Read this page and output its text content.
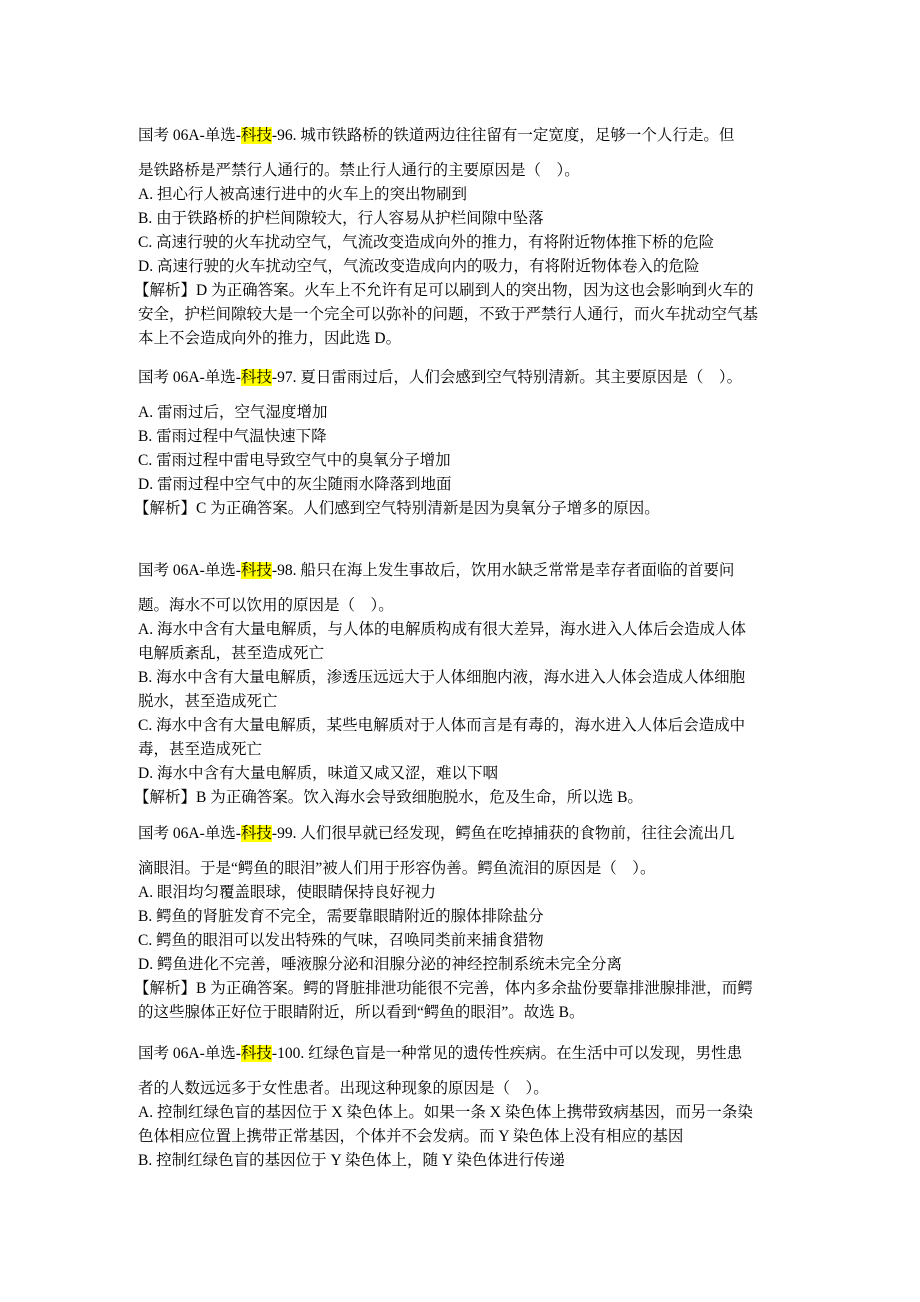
国考 06A-单选-科技-96. 城市铁路桥的铁道两边往往留有一定宽度，足够一个人行走。但
是铁路桥是严禁行人通行的。禁止行人通行的主要原因是（　）。
A. 担心行人被高速行进中的火车上的突出物刷到
B. 由于铁路桥的护栏间隙较大，行人容易从护栏间隙中坠落
C. 高速行驶的火车扰动空气，气流改变造成向外的推力，有将附近物体推下桥的危险
D. 高速行驶的火车扰动空气，气流改变造成向内的吸力，有将附近物体卷入的危险
【解析】D 为正确答案。火车上不允许有足可以刷到人的突出物，因为这也会影响到火车的
安全，护栏间隙较大是一个完全可以弥补的问题，不致于严禁行人通行，而火车扰动空气基
本上不会造成向外的推力，因此选 D。
国考 06A-单选-科技-97. 夏日雷雨过后，人们会感到空气特别清新。其主要原因是（　）。
A. 雷雨过后，空气湿度增加
B. 雷雨过程中气温快速下降
C. 雷雨过程中雷电导致空气中的臭氧分子增加
D. 雷雨过程中空气中的灰尘随雨水降落到地面
【解析】C 为正确答案。人们感到空气特别清新是因为臭氧分子增多的原因。
国考 06A-单选-科技-98. 船只在海上发生事故后，饮用水缺乏常常是幸存者面临的首要问
题。海水不可以饮用的原因是（　）。
A. 海水中含有大量电解质，与人体的电解质构成有很大差异，海水进入人体后会造成人体
电解质紊乱，甚至造成死亡
B. 海水中含有大量电解质，渗透压远远大于人体细胞内液，海水进入人体会造成人体细胞
脱水，甚至造成死亡
C. 海水中含有大量电解质，某些电解质对于人体而言是有毒的，海水进入人体后会造成中
毒，甚至造成死亡
D. 海水中含有大量电解质，味道又咸又涩，难以下咽
【解析】B 为正确答案。饮入海水会导致细胞脱水，危及生命，所以选 B。
国考 06A-单选-科技-99. 人们很早就已经发现，鳄鱼在吃掉捕获的食物前，往往会流出几
滴眼泪。于是“鳄鱼的眼泪”被人们用于形容伪善。鳄鱼流泪的原因是（　）。
A. 眼泪均匀覆盖眼球，使眼睛保持良好视力
B. 鳄鱼的肾脏发育不完全，需要靠眼睛附近的腺体排除盐分
C. 鳄鱼的眼泪可以发出特殊的气味，召唤同类前来捕食猎物
D. 鳄鱼进化不完善，唾液腺分泌和泪腺分泌的神经控制系统未完全分离
【解析】B 为正确答案。鳄的肾脏排泄功能很不完善，体内多余盐份要靠排泄腺排泄，而鳄
的这些腺体正好位于眼睛附近，所以看到“鳄鱼的眼泪”。故选 B。
国考 06A-单选-科技-100. 红绿色盲是一种常见的遗传性疾病。在生活中可以发现，男性患
者的人数远远多于女性患者。出现这种现象的原因是（　）。
A. 控制红绿色盲的基因位于 X 染色体上。如果一条 X 染色体上携带致病基因，而另一条染
色体相应位置上携带正常基因，个体并不会发病。而 Y 染色体上没有相应的基因
B. 控制红绿色盲的基因位于 Y 染色体上，随 Y 染色体进行传递
